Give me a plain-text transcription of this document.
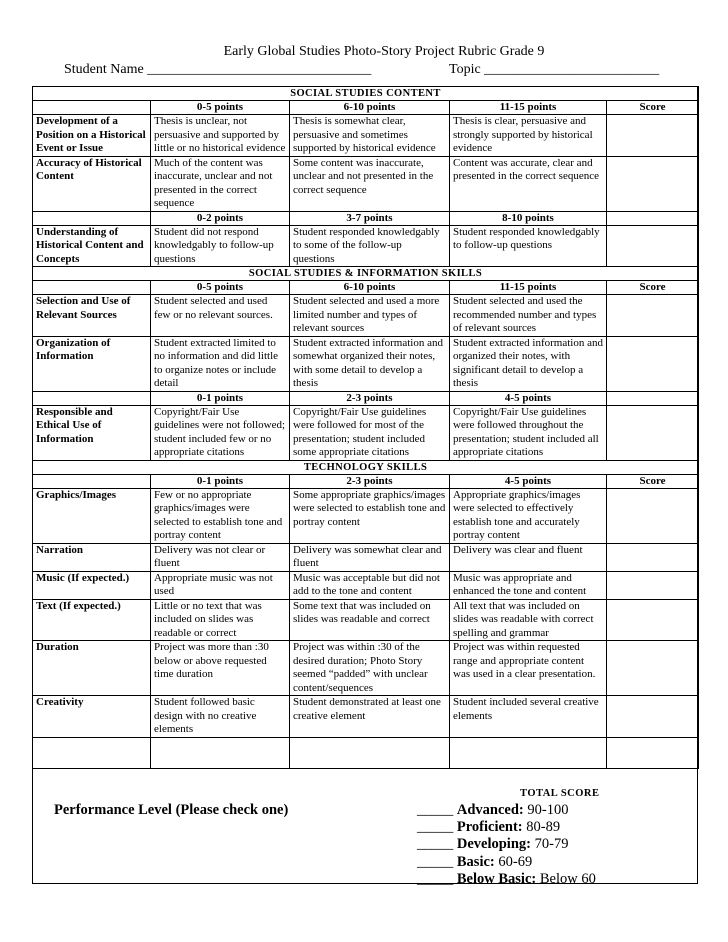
Early Global Studies Photo-Story Project Rubric Grade 9
Student Name ________________________________	Topic _________________________
SOCIAL STUDIES CONTENT				
	0-5 points	6-10 points	11-15 points	Score
Development of a Position on a Historical Event or Issue	Thesis is unclear, not persuasive and supported by little or no historical evidence	Thesis is somewhat clear, persuasive and sometimes supported by historical evidence	Thesis is clear, persuasive and strongly supported by historical evidence	
Accuracy of Historical Content	Much of the content was inaccurate, unclear and not presented in the correct sequence	Some content was inaccurate, unclear and not presented in the correct sequence	Content was accurate, clear and presented in the correct sequence	
	0-2 points	3-7 points	8-10 points	
Understanding of Historical Content and Concepts	Student did not respond knowledgably to follow-up questions	Student responded knowledgably to some of the follow-up questions	Student responded knowledgably to follow-up questions	
SOCIAL STUDIES & INFORMATION SKILLS				
	0-5 points	6-10 points	11-15 points	Score
Selection and Use of Relevant Sources	Student selected and used few or no relevant sources.	Student selected and used a more limited number and types of relevant sources	Student selected and used the recommended number and types of relevant sources	
Organization of Information	Student extracted limited to no information and did little to organize notes or include detail	Student extracted information and somewhat organized their notes, with some detail to develop a thesis	Student extracted information and organized their notes, with significant detail to develop a thesis	
	0-1 points	2-3 points	4-5 points	
Responsible and Ethical Use of Information	Copyright/Fair Use guidelines were not followed; student included few or no appropriate citations	Copyright/Fair Use guidelines were followed for most of the presentation; student included some appropriate citations	Copyright/Fair Use guidelines were followed throughout the presentation; student included all appropriate citations	
TECHNOLOGY SKILLS				
	0-1 points	2-3 points	4-5 points	Score
Graphics/Images	Few or no appropriate graphics/images were selected to establish tone and portray content	Some appropriate graphics/images were selected to establish tone and portray content	Appropriate graphics/images were selected to effectively establish tone and accurately portray content	
Narration	Delivery was not clear or fluent	Delivery was somewhat clear and fluent	Delivery was clear and fluent	
Music (If expected.)	Appropriate music was not used	Music was acceptable but did not add to the tone and content	Music was appropriate and enhanced the tone and content	
Text (If expected.)	Little or no text that was included on slides was readable or correct	Some text that was included on slides was readable and correct	All text that was included on slides was readable with correct spelling and grammar	
Duration	Project was more than :30 below or above requested time duration	Project was within :30 of the desired duration; Photo Story seemed “padded” with unclear content/sequences	Project was within requested range and appropriate content was used in a clear presentation.	
Creativity	Student followed basic design with no creative elements	Student demonstrated at least one creative element	Student included several creative elements	

TOTAL SCORE
Performance Level (Please check one)	_____ Advanced: 90-100
_____ Proficient: 80-89
_____ Developing: 70-79
_____ Basic: 60-69
_____ Below Basic: Below 60
